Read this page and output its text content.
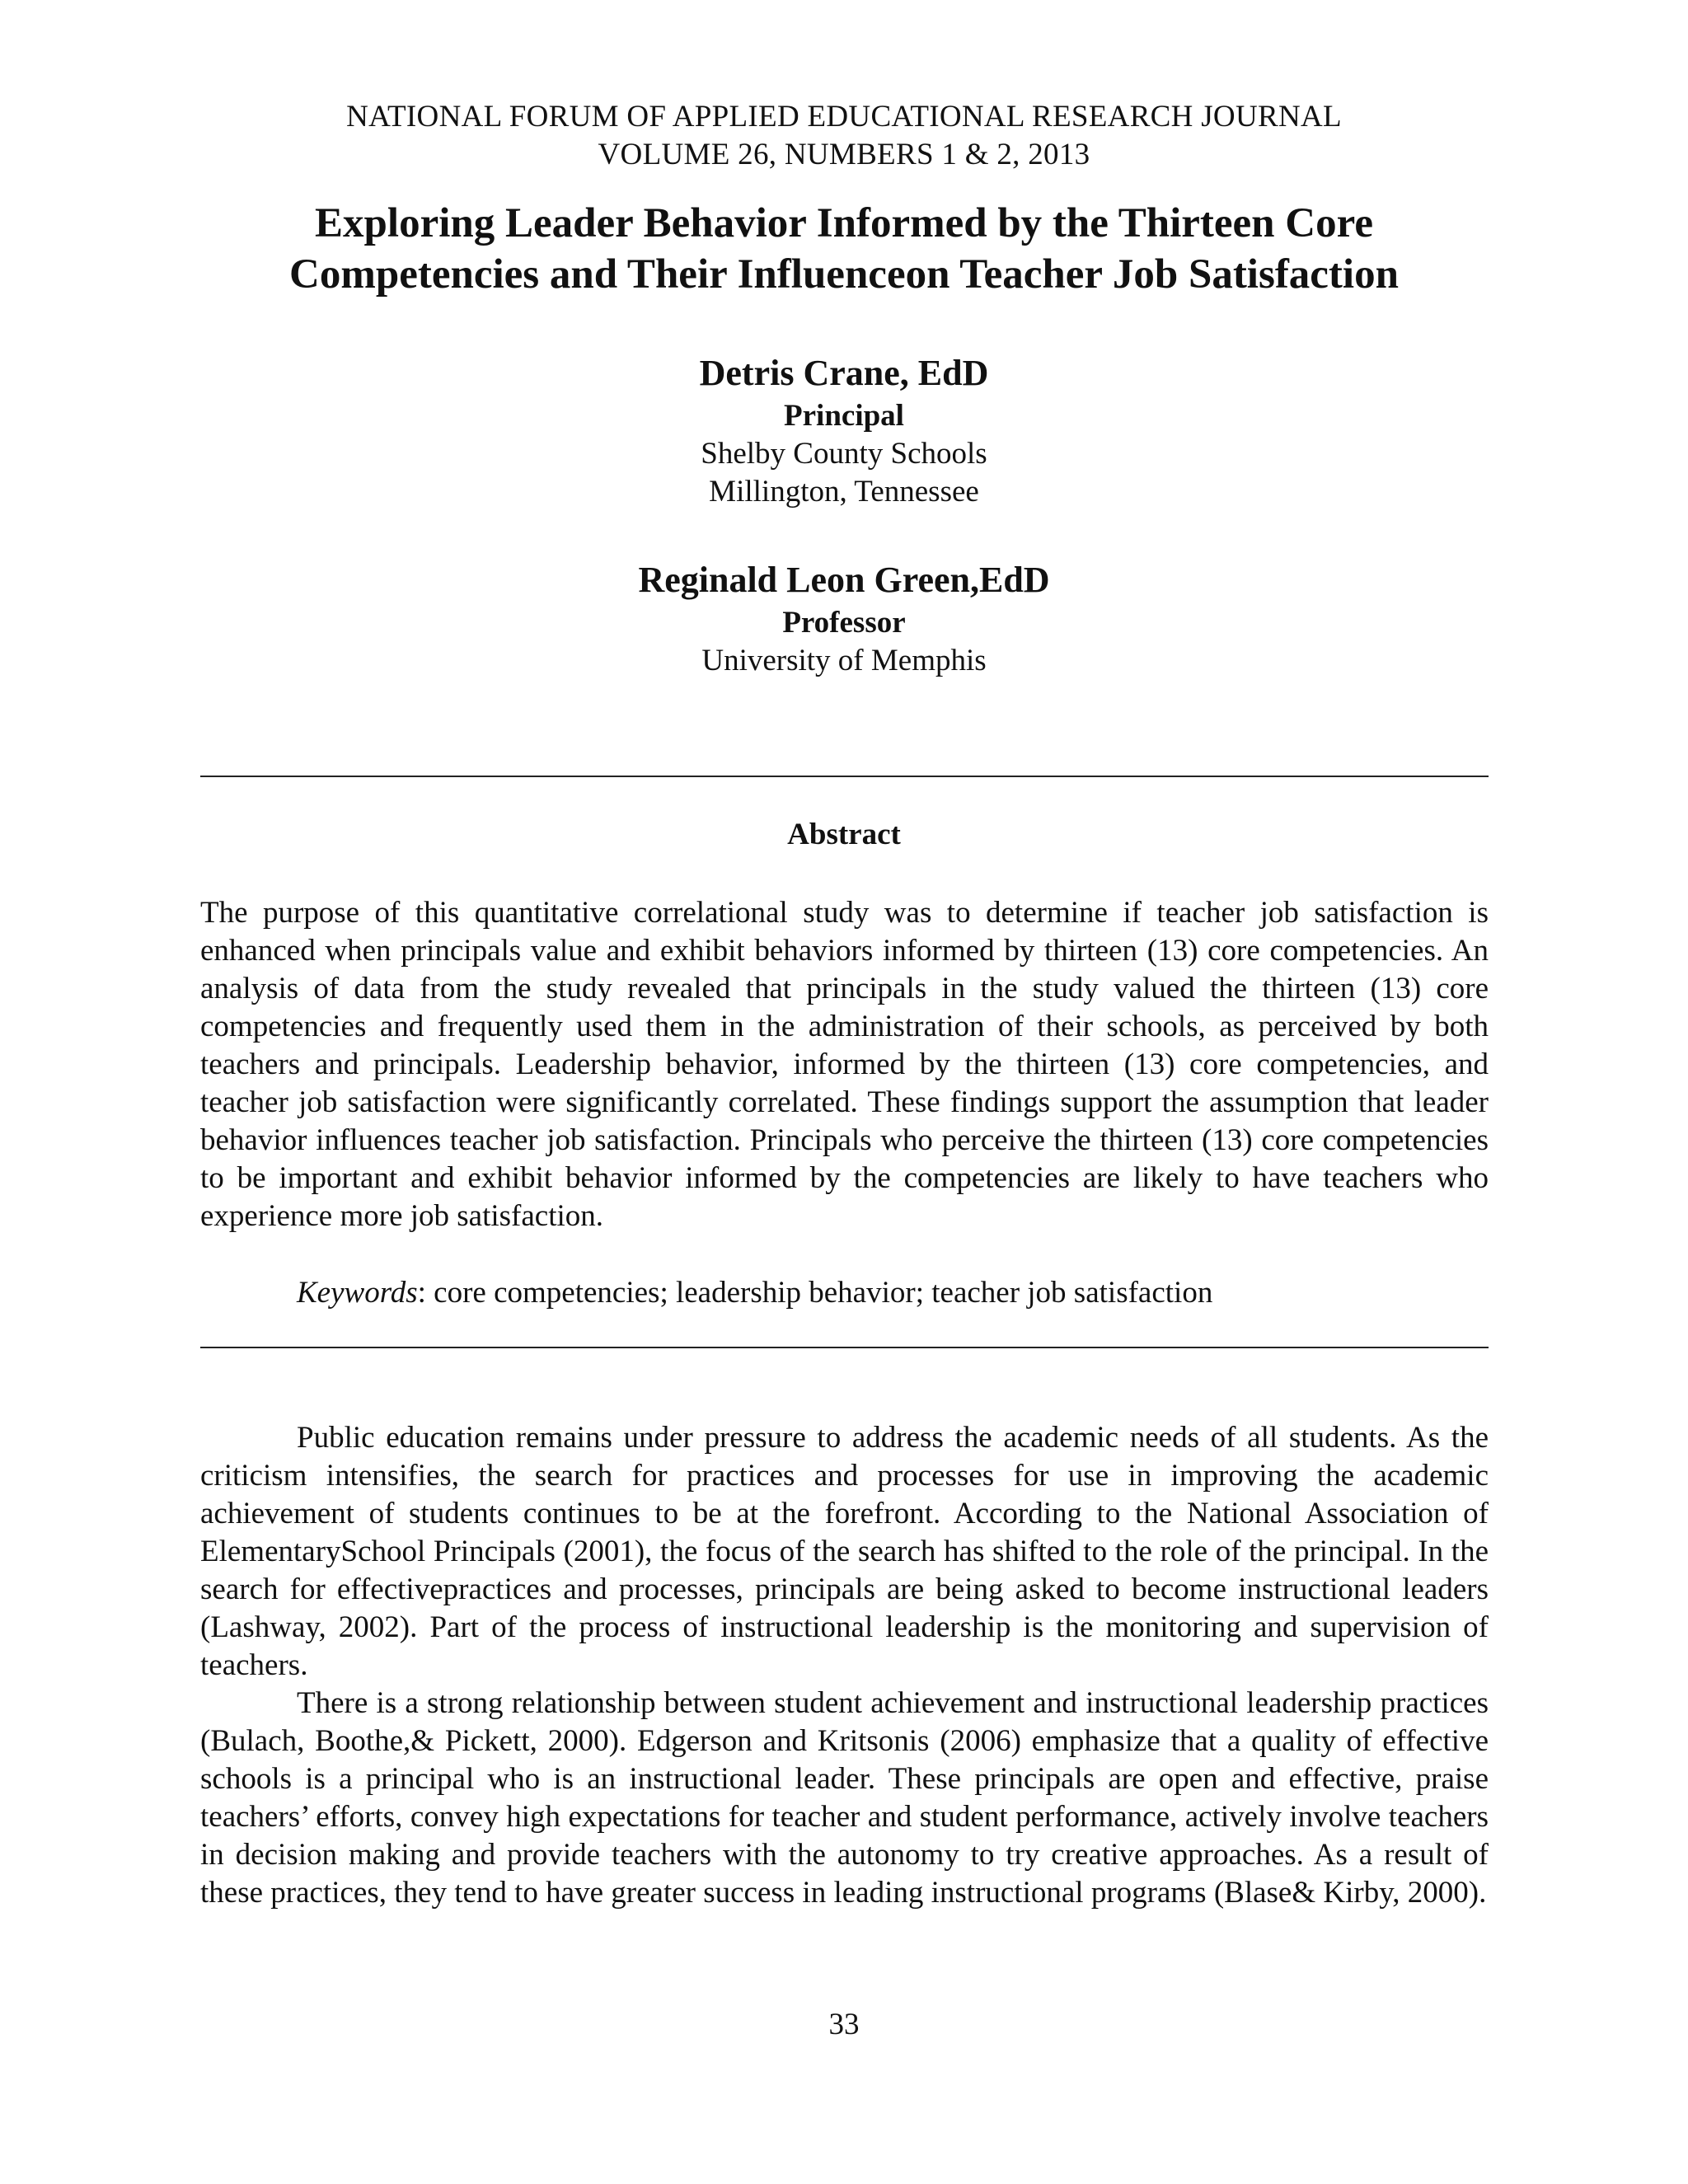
NATIONAL FORUM OF APPLIED EDUCATIONAL RESEARCH JOURNAL
VOLUME 26, NUMBERS 1 & 2, 2013
Exploring Leader Behavior Informed by the Thirteen Core
Competencies and Their Influenceon Teacher Job Satisfaction
Detris Crane, EdD
Principal
Shelby County Schools
Millington, Tennessee
Reginald Leon Green,EdD
Professor
University of Memphis
Abstract

The purpose of this quantitative correlational study was to determine if teacher job satisfaction is enhanced when principals value and exhibit behaviors informed by thirteen (13) core competencies. An analysis of data from the study revealed that principals in the study valued the thirteen (13) core competencies and frequently used them in the administration of their schools, as perceived by both teachers and principals. Leadership behavior, informed by the thirteen (13) core competencies, and teacher job satisfaction were significantly correlated. These findings support the assumption that leader behavior influences teacher job satisfaction. Principals who perceive the thirteen (13) core competencies to be important and exhibit behavior informed by the competencies are likely to have teachers who experience more job satisfaction.

Keywords: core competencies; leadership behavior; teacher job satisfaction

Public education remains under pressure to address the academic needs of all students. As the criticism intensifies, the search for practices and processes for use in improving the academic achievement of students continues to be at the forefront. According to the National Association of ElementarySchool Principals (2001), the focus of the search has shifted to the role of the principal. In the search for effectivepractices and processes, principals are being asked to become instructional leaders (Lashway, 2002). Part of the process of instructional leadership is the monitoring and supervision of teachers.

There is a strong relationship between student achievement and instructional leadership practices (Bulach, Boothe,& Pickett, 2000). Edgerson and Kritsonis (2006) emphasize that a quality of effective schools is a principal who is an instructional leader. These principals are open and effective, praise teachers’ efforts, convey high expectations for teacher and student performance, actively involve teachers in decision making and provide teachers with the autonomy to try creative approaches. As a result of these practices, they tend to have greater success in leading instructional programs (Blase& Kirby, 2000).

33
